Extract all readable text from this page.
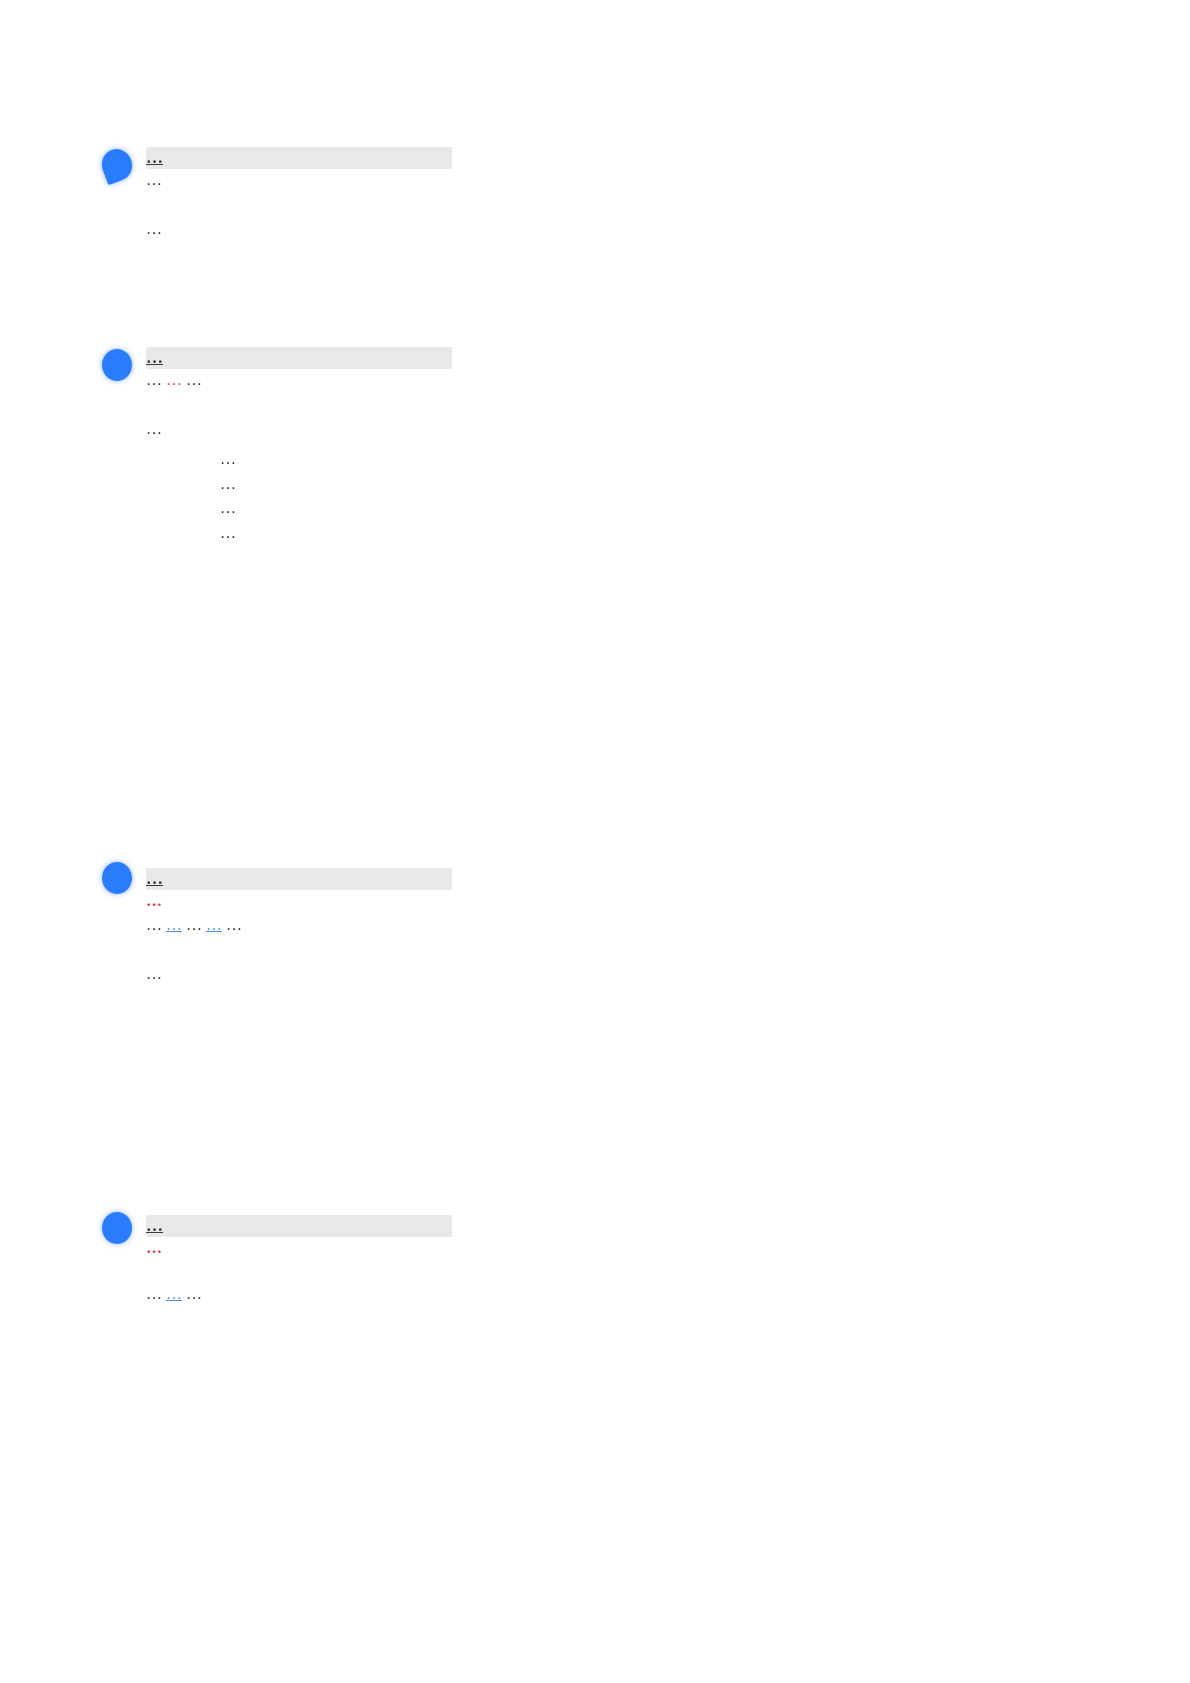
…

…

…

…

… … …

…

…
…
…
…
…
…

… … … … …

…

…
…

… … …
